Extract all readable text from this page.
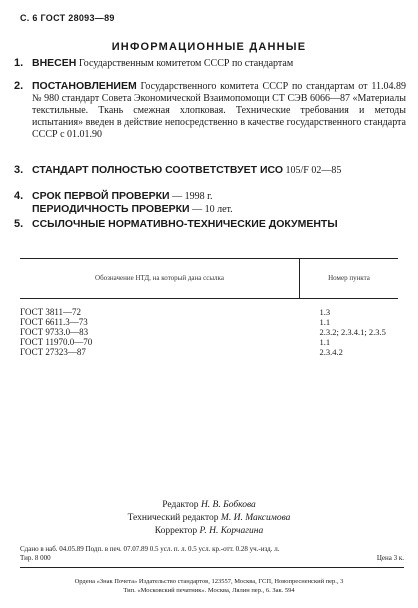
С. 6 ГОСТ 28093—89
ИНФОРМАЦИОННЫЕ ДАННЫЕ
1. ВНЕСЕН Государственным комитетом СССР по стандартам
2. ПОСТАНОВЛЕНИЕМ Государственного комитета СССР по стандартам от 11.04.89 № 980 стандарт Совета Экономической Взаимопомощи СТ СЭВ 6066—87 «Материалы текстильные. Ткань смежная хлопковая. Технические требования и методы испытания» введен в действие непосредственно в качестве государственного стандарта СССР с 01.01.90
3. СТАНДАРТ ПОЛНОСТЬЮ СООТВЕТСТВУЕТ ИСО 105/F 02—85
4. СРОК ПЕРВОЙ ПРОВЕРКИ — 1998 г.
ПЕРИОДИЧНОСТЬ ПРОВЕРКИ — 10 лет.
5. ССЫЛОЧНЫЕ НОРМАТИВНО-ТЕХНИЧЕСКИЕ ДОКУМЕНТЫ
Обозначение НТД, на который дана ссылка	Номер пункта
ГОСТ 3811—72	1.3
ГОСТ 6611.3—73	1.1
ГОСТ 9733.0—83	2.3.2; 2.3.4.1; 2.3.5
ГОСТ 11970.0—70	1.1
ГОСТ 27323—87	2.3.4.2
Редактор Н. В. Бобкова
Технический редактор М. И. Максимова
Корректор Р. Н. Корчагина
Сдано в наб. 04.05.89 Подп. в печ. 07.07.89 0.5 усл. п. л. 0.5 усл. кр.-отт. 0.28 уч.-изд. л.
Тир. 8 000	Цена 3 к.
Ордена «Знак Почета» Издательство стандартов, 123557, Москва, ГСП, Новопресненский пер., 3
Тип. «Московский печатник». Москва, Лялин пер., 6. Зак. 594
